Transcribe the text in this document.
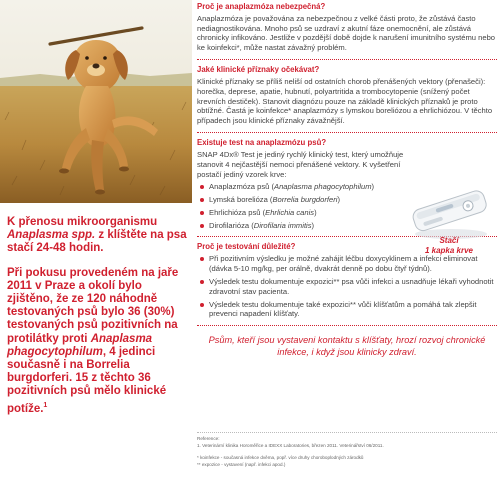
K přenosu mikroorganismu Anaplasma spp. z klíštěte na psa stačí 24-48 hodin.

Při pokusu provedeném na jaře 2011 v Praze a okolí bylo zjištěno, že ze 120 náhodně testovaných psů bylo 36 (30%) testovaných psů pozitivních na protilátky proti Anaplasma phagocytophilum, 4 jedinci současně i na Borrelia burgdorferi. 15 z těchto 36 pozitivních psů mělo klinické potíže.$^1$

Proč je anaplazmóza nebezpečná?

Anaplazmóza je považována za nebezpečnou z velké části proto, že zůstává často nediagnostikována. Mnoho psů se uzdraví z akutní fáze onemocnění, ale zůstává chronicky infikováno. Jestliže v pozdější době dojde k narušení imunitního systému nebo ke koinfekci*, může nastat závažný problém.

Jaké klinické příznaky očekávat?

Klinické příznaky se příliš neliší od ostatních chorob přenášených vektory (přenašeči): horečka, deprese, apatie, hubnutí, polyartritida a trombocytopenie (snížený počet krevních destiček). Stanovit diagnózu pouze na základě klinických příznaků je proto obtížné. Častá je koinfekce* anaplazmózy s lymskou boreliózou a ehrlichiózou. V těchto případech jsou klinické příznaky závažnější.

Existuje test na anaplazmózu psů?

SNAP 4Dx® Test je jediný rychlý klinický test, který umožňuje stanovit 4 nejčastější nemoci přenášené vektory. K vyšetření postačí jediný vzorek krve:

Anaplazmóza psů (Anaplasma phagocytophilum)
Lymská borelióza (Borrelia burgdorferi)
Ehrlichióza psů (Ehrlichia canis)
Dirofilarióza (Dirofilaria immitis)
Stačí
1 kapka krve
Proč je testování důležité?
Při pozitivním výsledku je možné zahájit léčbu doxycyklinem a infekci eliminovat (dávka 5-10 mg/kg, per orálně, dvakrát denně po dobu čtyř týdnů).
Výsledek testu dokumentuje expozici** psa vůči infekci a usnadňuje lékaři vyhodnotit zdravotní stav pacienta.
Výsledek testu dokumentuje také expozici** vůči klíšťatům a pomáhá tak zlepšit prevenci napadení klíšťaty.

Psům, kteří jsou vystaveni kontaktu s klíšťaty, hrozí rozvoj chronické infekce, i když jsou klinicky zdraví.

Reference:

1. Veterinární klinika Horoměřice a IDEXX Laboratories, březen 2011. Veterinářství 06/2011.

* koinfekce - současná infekce dvěma, popř. více druhy choroboplodných zárodků

** expozice - vystavení (např. infekci apod.)
